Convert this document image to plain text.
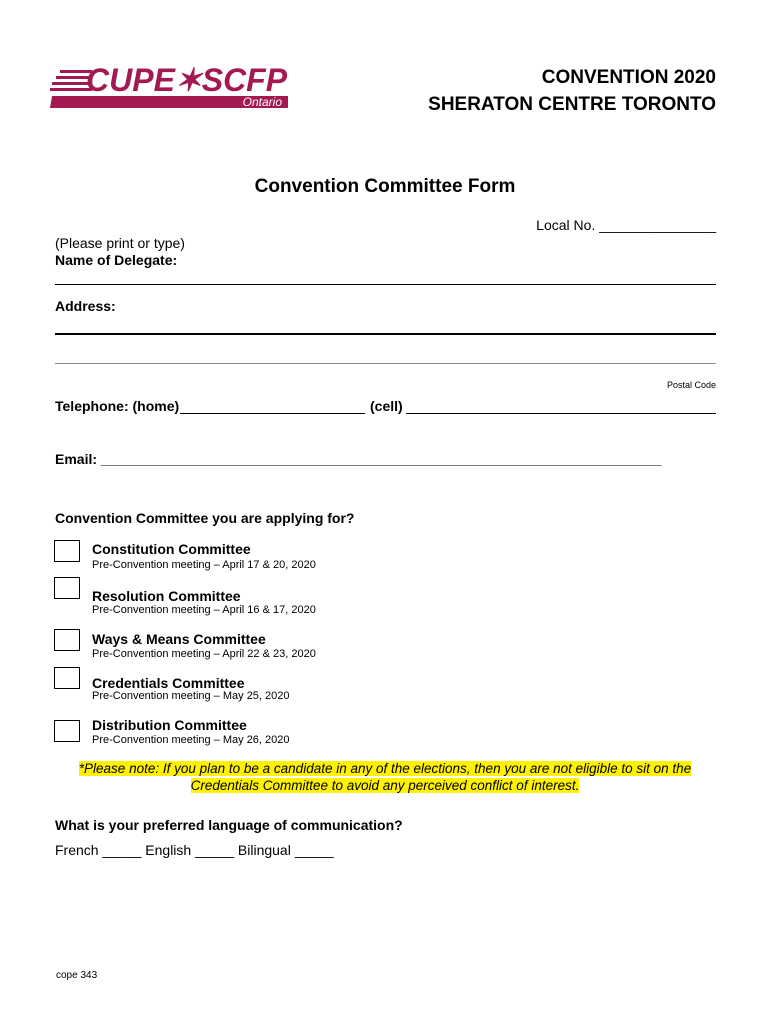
CUPE✶SCFP
Ontario
CONVENTION 2020
SHERATON CENTRE TORONTO
Convention Committee Form
Local No. _______________
(Please print or type)
Name of Delegate:
Address:
Postal Code
Telephone: (home)	(cell)
Email: ________________________________________________________________________
Convention Committee you are applying for?
Constitution Committee
Pre-Convention meeting – April 17 & 20, 2020
Resolution Committee
Pre-Convention meeting – April 16 & 17, 2020
Ways & Means Committee
Pre-Convention meeting – April 22 & 23, 2020
Credentials Committee
Pre-Convention meeting – May 25, 2020
Distribution Committee
Pre-Convention meeting – May 26, 2020
*Please note: If you plan to be a candidate in any of the elections, then you are not eligible to sit on the
Credentials Committee to avoid any perceived conflict of interest.
What is your preferred language of communication?
French _____ English _____ Bilingual _____
cope 343
